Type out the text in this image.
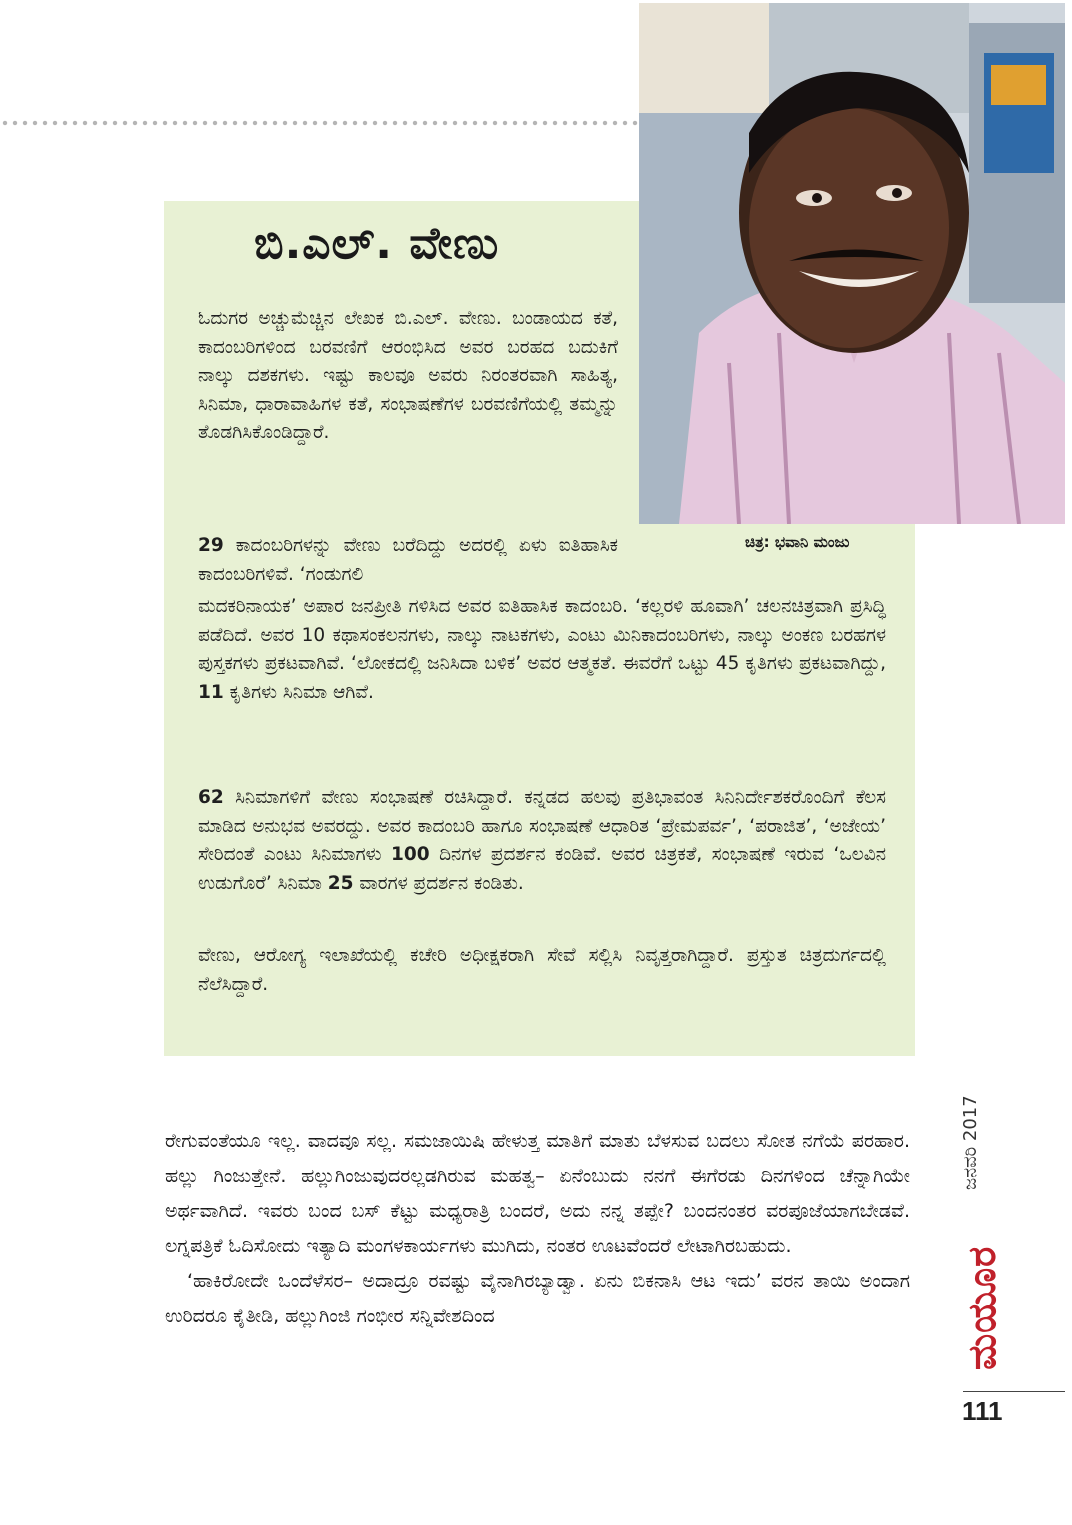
ಬಿ.ಎಲ್. ವೇಣು

ಓದುಗರ ಅಚ್ಚುಮೆಚ್ಚಿನ ಲೇಖಕ ಬಿ.ಎಲ್. ವೇಣು. ಬಂಡಾಯದ ಕತೆ, ಕಾದಂಬರಿಗಳಿಂದ ಬರವಣಿಗೆ ಆರಂಭಿಸಿದ ಅವರ ಬರಹದ ಬದುಕಿಗೆ ನಾಲ್ಕು ದಶಕಗಳು. ಇಷ್ಟು ಕಾಲವೂ ಅವರು ನಿರಂತರವಾಗಿ ಸಾಹಿತ್ಯ, ಸಿನಿಮಾ, ಧಾರಾವಾಹಿಗಳ ಕತೆ, ಸಂಭಾಷಣೆಗಳ ಬರವಣಿಗೆಯಲ್ಲಿ ತಮ್ಮನ್ನು ತೊಡಗಿಸಿಕೊಂಡಿದ್ದಾರೆ.

29 ಕಾದಂಬರಿಗಳನ್ನು ವೇಣು ಬರೆದಿದ್ದು ಅದರಲ್ಲಿ ಏಳು ಐತಿಹಾಸಿಕ ಕಾದಂಬರಿಗಳಿವೆ. ‘ಗಂಡುಗಲಿ

ಚಿತ್ರ: ಭವಾನಿ ಮಂಜು

ಮದಕರಿನಾಯಕ’ ಅಪಾರ ಜನಪ್ರೀತಿ ಗಳಿಸಿದ ಅವರ ಐತಿಹಾಸಿಕ ಕಾದಂಬರಿ. ‘ಕಲ್ಲರಳಿ ಹೂವಾಗಿ’ ಚಲನಚಿತ್ರವಾಗಿ ಪ್ರಸಿದ್ಧಿ ಪಡೆದಿದೆ. ಅವರ 10 ಕಥಾಸಂಕಲನಗಳು, ನಾಲ್ಕು ನಾಟಕಗಳು, ಎಂಟು ಮಿನಿಕಾದಂಬರಿಗಳು, ನಾಲ್ಕು ಅಂಕಣ ಬರಹಗಳ ಪುಸ್ತಕಗಳು ಪ್ರಕಟವಾಗಿವೆ. ‘ಲೋಕದಲ್ಲಿ ಜನಿಸಿದಾ ಬಳಿಕ’ ಅವರ ಆತ್ಮಕತೆ. ಈವರೆಗೆ ಒಟ್ಟು 45 ಕೃತಿಗಳು ಪ್ರಕಟವಾಗಿದ್ದು, 11 ಕೃತಿಗಳು ಸಿನಿಮಾ ಆಗಿವೆ.

62 ಸಿನಿಮಾಗಳಿಗೆ ವೇಣು ಸಂಭಾಷಣೆ ರಚಿಸಿದ್ದಾರೆ. ಕನ್ನಡದ ಹಲವು ಪ್ರತಿಭಾವಂತ ಸಿನಿನಿರ್ದೇಶಕರೊಂದಿಗೆ ಕೆಲಸ ಮಾಡಿದ ಅನುಭವ ಅವರದ್ದು. ಅವರ ಕಾದಂಬರಿ ಹಾಗೂ ಸಂಭಾಷಣೆ ಆಧಾರಿತ ‘ಪ್ರೇಮಪರ್ವ’, ‘ಪರಾಜಿತ’, ‘ಅಜೇಯ’ ಸೇರಿದಂತೆ ಎಂಟು ಸಿನಿಮಾಗಳು 100 ದಿನಗಳ ಪ್ರದರ್ಶನ ಕಂಡಿವೆ. ಅವರ ಚಿತ್ರಕತೆ, ಸಂಭಾಷಣೆ ಇರುವ ‘ಒಲವಿನ ಉಡುಗೊರೆ’ ಸಿನಿಮಾ 25 ವಾರಗಳ ಪ್ರದರ್ಶನ ಕಂಡಿತು.

ವೇಣು, ಆರೋಗ್ಯ ಇಲಾಖೆಯಲ್ಲಿ ಕಚೇರಿ ಅಧೀಕ್ಷಕರಾಗಿ ಸೇವೆ ಸಲ್ಲಿಸಿ ನಿವೃತ್ತರಾಗಿದ್ದಾರೆ. ಪ್ರಸ್ತುತ ಚಿತ್ರದುರ್ಗದಲ್ಲಿ ನೆಲೆಸಿದ್ದಾರೆ.

ರೇಗುವಂತೆಯೂ ಇಲ್ಲ. ವಾದವೂ ಸಲ್ಲ. ಸಮಜಾಯಿಷಿ ಹೇಳುತ್ತ ಮಾತಿಗೆ ಮಾತು ಬೆಳಸುವ ಬದಲು ಸೋತ ನಗೆಯೆ ಪರಹಾರ. ಹಲ್ಲು ಗಿಂಜುತ್ತೇನೆ. ಹಲ್ಲುಗಿಂಜುವುದರಲ್ಲಡಗಿರುವ ಮಹತ್ವ– ಏನೆಂಬುದು ನನಗೆ ಈಗೆರಡು ದಿನಗಳಿಂದ ಚೆನ್ನಾಗಿಯೇ ಅರ್ಥವಾಗಿದೆ. ಇವರು ಬಂದ ಬಸ್ ಕೆಟ್ಟು ಮಧ್ಯರಾತ್ರಿ ಬಂದರೆ, ಅದು ನನ್ನ ತಪ್ಪೇ? ಬಂದನಂತರ ವರಪೂಜೆಯಾಗಬೇಡವೆ. ಲಗ್ನಪತ್ರಿಕೆ ಓದಿಸೋದು ಇತ್ಯಾದಿ ಮಂಗಳಕಾರ್ಯಗಳು ಮುಗಿದು, ನಂತರ ಊಟವೆಂದರೆ ಲೇಟಾಗಿರಬಹುದು.

‘ಹಾಕಿರೋದೇ ಒಂದೆಳೆಸರ– ಅದಾದ್ರೂ ರವಷ್ಟು ವೈನಾಗಿರಬ್ಯಾಡ್ವಾ. ಏನು ಬಿಕನಾಸಿ ಆಟ ಇದು’ ವರನ ತಾಯಿ ಅಂದಾಗ ಉರಿದರೂ ಕೈತೀಡಿ, ಹಲ್ಲುಗಿಂಜಿ ಗಂಭೀರ ಸನ್ನಿವೇಶದಿಂದ

ಜನವರಿ 2017
ಮಯೂರ
111
